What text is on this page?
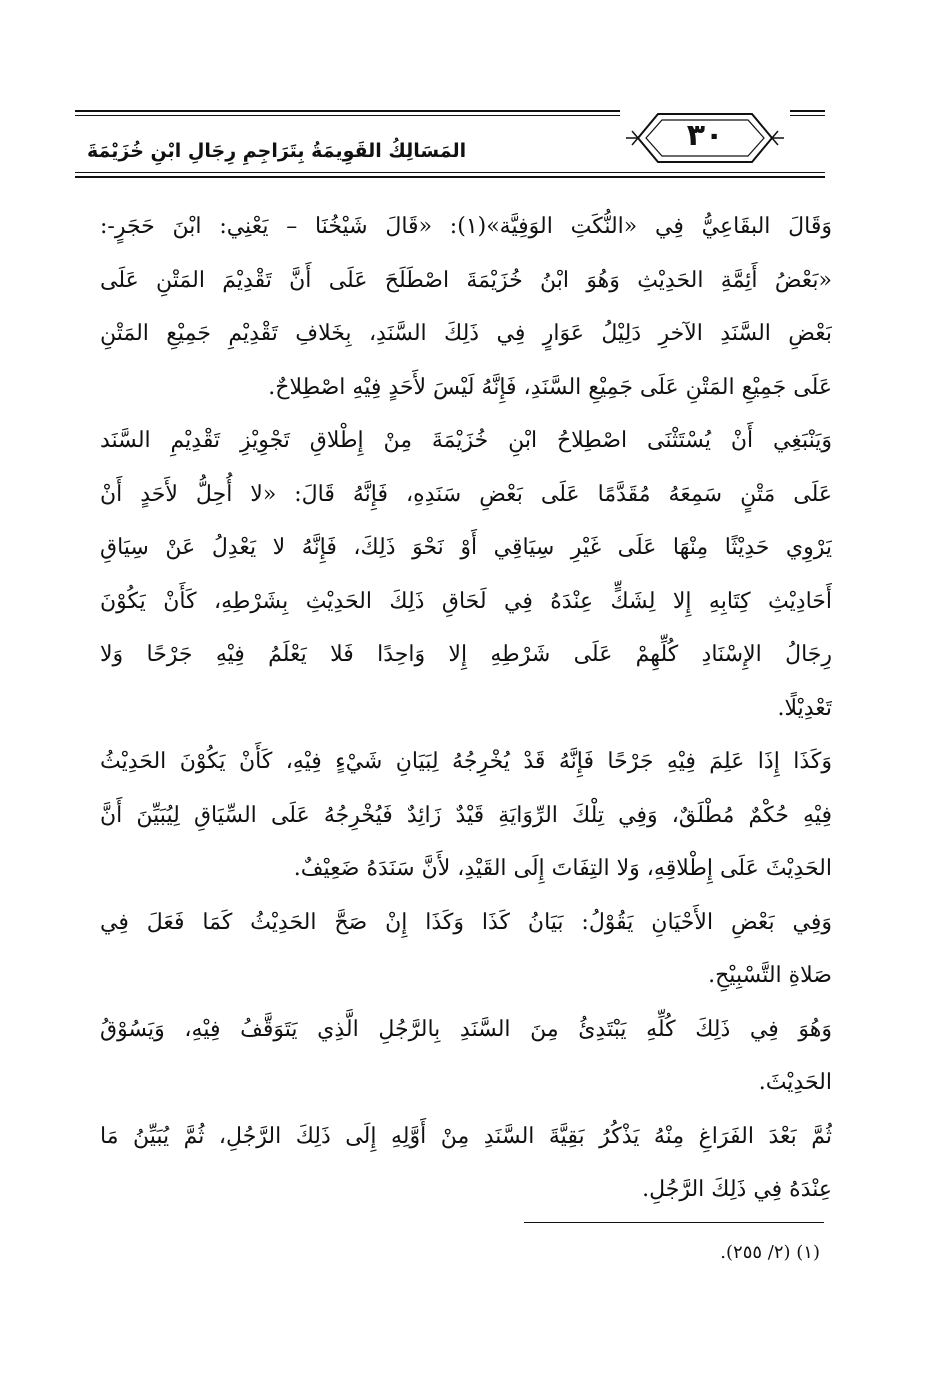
المَسَالِكُ القَوِيمَةُ بِتَرَاجِمِ رِجَالِ ابْنِ خُزَيْمَةَ	٣٠
وَقَالَ البقَاعِيُّ فِي «النُّكَتِ الوَفِيَّة»(١): «قَالَ شَيْخُنَا – يَعْنِي: ابْنَ حَجَرٍ-:
«بَعْضُ أَئِمَّةِ الحَدِيْثِ وَهُوَ ابْنُ خُزَيْمَةَ اصْطَلَحَ عَلَى أَنَّ تَقْدِيْمَ المَتْنِ عَلَى
بَعْضِ السَّنَدِ الآخرِ دَلِيْلُ عَوَارٍ فِي ذَلِكَ السَّنَدِ، بِخَلافِ تَقْدِيْمِ جَمِيْعِ المَتْنِ
عَلَى جَمِيْعِ المَتْنِ عَلَى جَمِيْعِ السَّنَدِ، فَإِنَّهُ لَيْسَ لأَحَدٍ فِيْهِ اصْطِلاحٌ.
وَيَنْبَغِي أَنْ يُسْتَثْنَى اصْطِلاحُ ابْنِ خُزَيْمَةَ مِنْ إِطْلاقِ تَجْوِيْزِ تَقْدِيْمِ السَّنَد
عَلَى مَتْنٍ سَمِعَهُ مُقَدَّمًا عَلَى بَعْضِ سَنَدِهِ، فَإِنَّهُ قَالَ: «لا أُحِلُّ لأَحَدٍ أَنْ
يَرْوِي حَدِيْثًا مِنْهَا عَلَى غَيْرِ سِيَاقِي أَوْ نَحْوَ ذَلِكَ، فَإِنَّهُ لا يَعْدِلُ عَنْ سِيَاقِ
أَحَادِيْثِ كِتَابِهِ إِلا لِشَكٍّ عِنْدَهُ فِي لَحَاقِ ذَلِكَ الحَدِيْثِ بِشَرْطِهِ، كَأَنْ يَكُوْنَ
رِجَالُ الإِسْنَادِ كُلِّهِمْ عَلَى شَرْطِهِ إِلا وَاحِدًا فَلا يَعْلَمُ فِيْهِ جَرْحًا وَلا
تَعْدِيْلًا.
وَكَذَا إِذَا عَلِمَ فِيْهِ جَرْحًا فَإِنَّهُ قَدْ يُخْرِجُهُ لِبَيَانِ شَيْءٍ فِيْهِ، كَأَنْ يَكُوْنَ الحَدِيْثُ
فِيْهِ حُكْمٌ مُطْلَقٌ، وَفِي تِلْكَ الرِّوَايَةِ قَيْدٌ زَائِدٌ فَيُخْرِجُهُ عَلَى السِّيَاقِ لِيُبَيِّنَ أَنَّ
الحَدِيْثَ عَلَى إِطْلاقِهِ، وَلا التِفَاتَ إِلَى القَيْدِ، لأَنَّ سَنَدَهُ ضَعِيْفٌ.
وَفِي بَعْضِ الأَحْيَانِ يَقُوْلُ: بَيَانُ كَذَا وَكَذَا إِنْ صَحَّ الحَدِيْثُ كَمَا فَعَلَ فِي
صَلاةِ التَّسْبِيْحِ.
وَهُوَ فِي ذَلِكَ كُلِّهِ يَبْتَدِئُ مِنَ السَّنَدِ بِالرَّجُلِ الَّذِي يَتَوَقَّفُ فِيْهِ، وَيَسُوْقُ
الحَدِيْثَ.
ثُمَّ بَعْدَ الفَرَاغِ مِنْهُ يَذْكُرُ بَقِيَّةَ السَّنَدِ مِنْ أَوَّلِهِ إِلَى ذَلِكَ الرَّجُلِ، ثُمَّ يُبَيِّنُ مَا
عِنْدَهُ فِي ذَلِكَ الرَّجُلِ.
(١) (٢/ ٢٥٥).
